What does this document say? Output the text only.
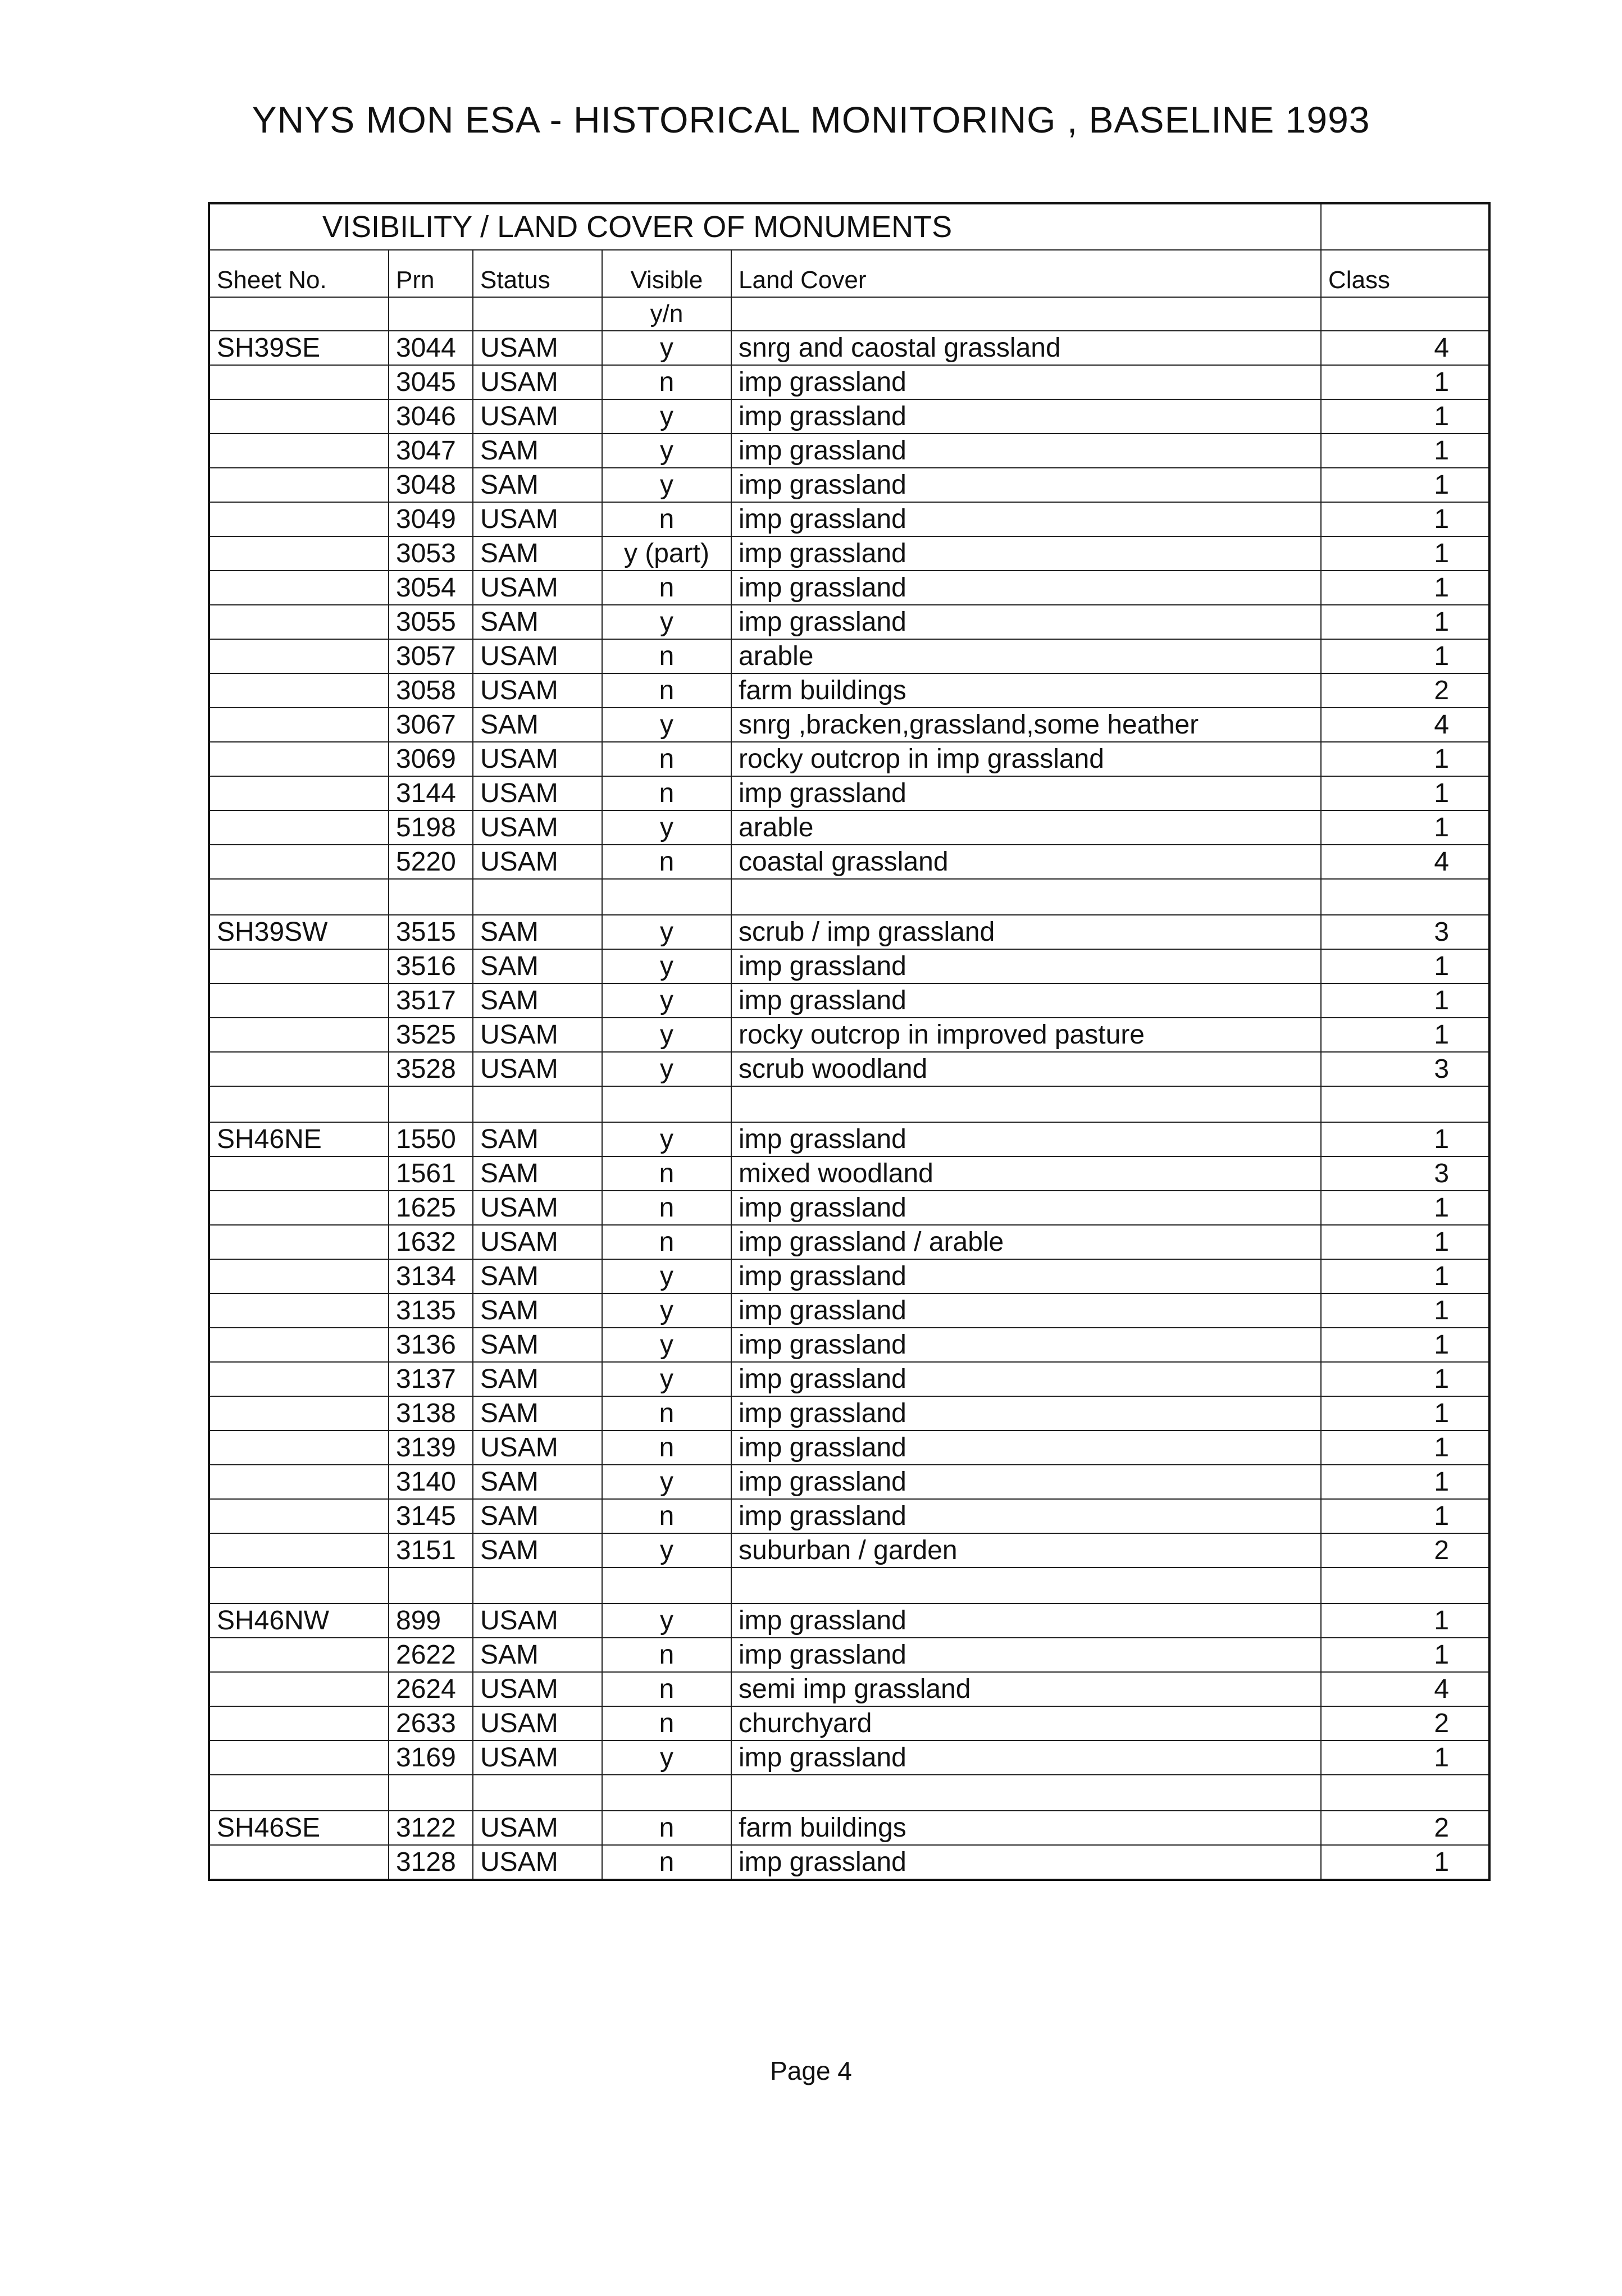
YNYS MON ESA - HISTORICAL MONITORING , BASELINE 1993
VISIBILITY / LAND COVER OF MONUMENTS					
Sheet No.	Prn	Status	Visible	Land Cover	Class
			y/n		
SH39SE	3044	USAM	y	snrg and caostal grassland	4
	3045	USAM	n	imp grassland	1
	3046	USAM	y	imp grassland	1
	3047	SAM	y	imp grassland	1
	3048	SAM	y	imp grassland	1
	3049	USAM	n	imp grassland	1
	3053	SAM	y (part)	imp grassland	1
	3054	USAM	n	imp grassland	1
	3055	SAM	y	imp grassland	1
	3057	USAM	n	arable	1
	3058	USAM	n	farm buildings	2
	3067	SAM	y	snrg ,bracken,grassland,some heather	4
	3069	USAM	n	rocky outcrop in imp grassland	1
	3144	USAM	n	imp grassland	1
	5198	USAM	y	arable	1
	5220	USAM	n	coastal grassland	4

SH39SW	3515	SAM	y	scrub / imp grassland	3
	3516	SAM	y	imp grassland	1
	3517	SAM	y	imp grassland	1
	3525	USAM	y	rocky outcrop in improved pasture	1
	3528	USAM	y	scrub woodland	3

SH46NE	1550	SAM	y	imp grassland	1
	1561	SAM	n	mixed woodland	3
	1625	USAM	n	imp grassland	1
	1632	USAM	n	imp grassland / arable	1
	3134	SAM	y	imp grassland	1
	3135	SAM	y	imp grassland	1
	3136	SAM	y	imp grassland	1
	3137	SAM	y	imp grassland	1
	3138	SAM	n	imp grassland	1
	3139	USAM	n	imp grassland	1
	3140	SAM	y	imp grassland	1
	3145	SAM	n	imp grassland	1
	3151	SAM	y	suburban / garden	2

SH46NW	899	USAM	y	imp grassland	1
	2622	SAM	n	imp grassland	1
	2624	USAM	n	semi imp grassland	4
	2633	USAM	n	churchyard	2
	3169	USAM	y	imp grassland	1

SH46SE	3122	USAM	n	farm buildings	2
	3128	USAM	n	imp grassland	1
Page 4
